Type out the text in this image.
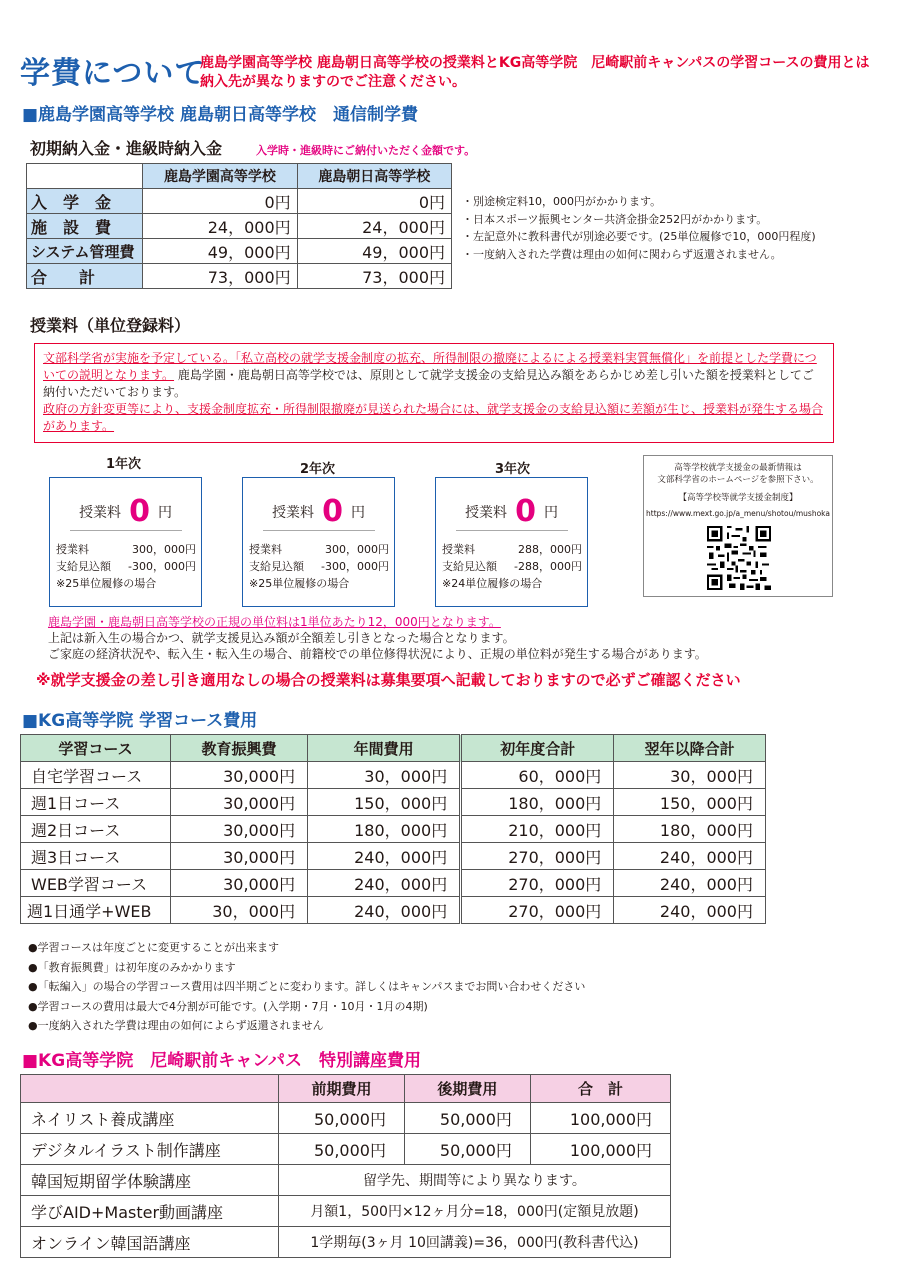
学費について
鹿島学園高等学校 鹿島朝日高等学校の授業料とKG高等学院　尼崎駅前キャンパスの学習コースの費用とは納入先が異なりますのでご注意ください。
■鹿島学園高等学校 鹿島朝日高等学校　通信制学費
初期納入金・進級時納入金	入学時・進級時にご納付いただく金額です。
	鹿島学園高等学校	鹿島朝日高等学校
入　学　金	0円	0円
施　設　費	24，000円	24，000円
システム管理費	49，000円	49，000円
合　　計	73，000円	73，000円
・別途検定料10，000円がかかります。
・日本スポーツ振興センター共済金掛金252円がかかります。
・左記意外に教科書代が別途必要です。(25単位履修で10，000円程度)
・一度納入された学費は理由の如何に関わらず返還されません。
授業料（単位登録料）
文部科学省が実施を予定している。「私立高校の就学支援金制度の拡充、所得制限の撤廃によるによる授業料実質無償化」を前提とした学費についての説明となります。 鹿島学園・鹿島朝日高等学校では、原則として就学支援金の支給見込み額をあらかじめ差し引いた額を授業料としてご納付いただいております。
政府の方針変更等により、支援金制度拡充・所得制限撤廃が見送られた場合には、就学支援金の支給見込額に差額が生じ、授業料が発生する場合があります。
1年次
授業料 0 円
授業料	300，000円
支給見込額 -300，000円
※25単位履修の場合
2年次
授業料 0 円
授業料	300，000円
支給見込額 -300，000円
※25単位履修の場合
3年次
授業料 0 円
授業料	288，000円
支給見込額 -288，000円
※24単位履修の場合
高等学校就学支援金の最新情報は
文部科学省のホームページを参照下さい。
【高等学校等就学支援金制度】
https://www.mext.go.jp/a_menu/shotou/mushoka
鹿島学園・鹿島朝日高等学校の正規の単位料は1単位あたり12，000円となります。
上記は新入生の場合かつ、就学支援見込み額が全額差し引きとなった場合となります。
ご家庭の経済状況や、転入生・転入生の場合、前籍校での単位修得状況により、正規の単位料が発生する場合があります。
※就学支援金の差し引き適用なしの場合の授業料は募集要項へ記載しておりますので必ずご確認ください
■KG高等学院 学習コース費用
学習コース	教育振興費	年間費用	初年度合計	翌年以降合計
自宅学習コース	30,000円	30，000円	60，000円	30，000円
週1日コース	30,000円	150，000円	180，000円	150，000円
週2日コース	30,000円	180，000円	210，000円	180，000円
週3日コース	30,000円	240，000円	270，000円	240，000円
WEB学習コース	30,000円	240，000円	270，000円	240，000円
週1日通学+WEB	30，000円	240，000円	270，000円	240，000円
●学習コースは年度ごとに変更することが出来ます
●「教育振興費」は初年度のみかかります
●「転編入」の場合の学習コース費用は四半期ごとに変わります。詳しくはキャンパスまでお問い合わせください
●学習コースの費用は最大で4分割が可能です。(入学期・7月・10月・1月の4期)
●一度納入された学費は理由の如何によらず返還されません
■KG高等学院　尼崎駅前キャンパス　特別講座費用
	前期費用	後期費用	合　計
ネイリスト養成講座	50,000円	50,000円	100,000円
デジタルイラスト制作講座	50,000円	50,000円	100,000円
韓国短期留学体験講座	留学先、期間等により異なります。		
学びAID+Master動画講座	月額1，500円×12ヶ月分=18，000円(定額見放題)		
オンライン韓国語講座	1学期毎(3ヶ月 10回講義)=36，000円(教科書代込)		
